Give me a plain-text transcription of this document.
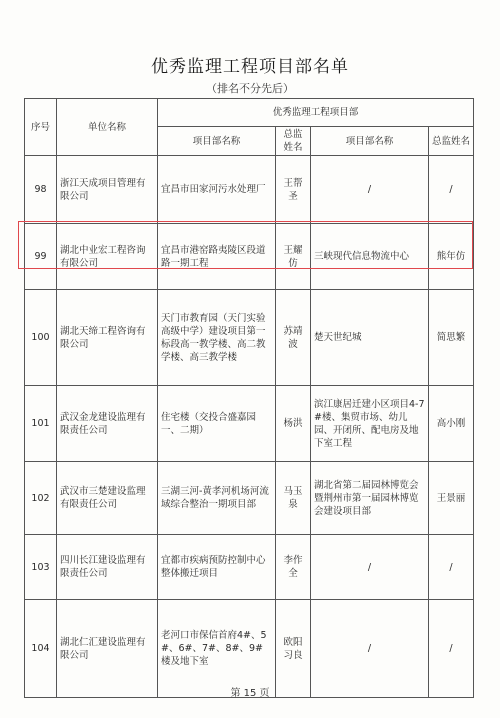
优秀监理工程项目部名单
（排名不分先后）
序号	单位名称	优秀监理工程项目部			
		项目部名称	总监姓名	项目部名称	总监姓名
98	浙江天成项目管理有限公司	宜昌市田家河污水处理厂	王帮圣	/	/
99	湖北中业宏工程咨询有限公司	宜昌市港窑路夷陵区段道路一期工程	王耀仿	三峡现代信息物流中心	熊年仿
100	湖北天缔工程咨询有限公司	天门市教育园（天门实验高级中学）建设项目第一标段高一教学楼、高二教学楼、高三教学楼	苏靖波	楚天世纪城	简思繁
101	武汉金龙建设监理有限责任公司	住宅楼（交投合盛嘉园一、二期）	杨洪	滨江康居迁建小区项目4-7#楼、集贸市场、幼儿园、开闭所、配电房及地下室工程	高小刚
102	武汉市三楚建设监理有限责任公司	三湖三河-黄孝河机场河流域综合整治一期项目部	马玉泉	湖北省第二届园林博览会暨荆州市第一届园林博览会建设项目部	王景丽
103	四川长江建设监理有限责任公司	宜都市疾病预防控制中心整体搬迁项目	李作全	/	/
104	湖北仁汇建设监理有限公司	老河口市保信首府4#、5#、6#、7#、8#、9#楼及地下室	欧阳习良	/	/
第 15 页
